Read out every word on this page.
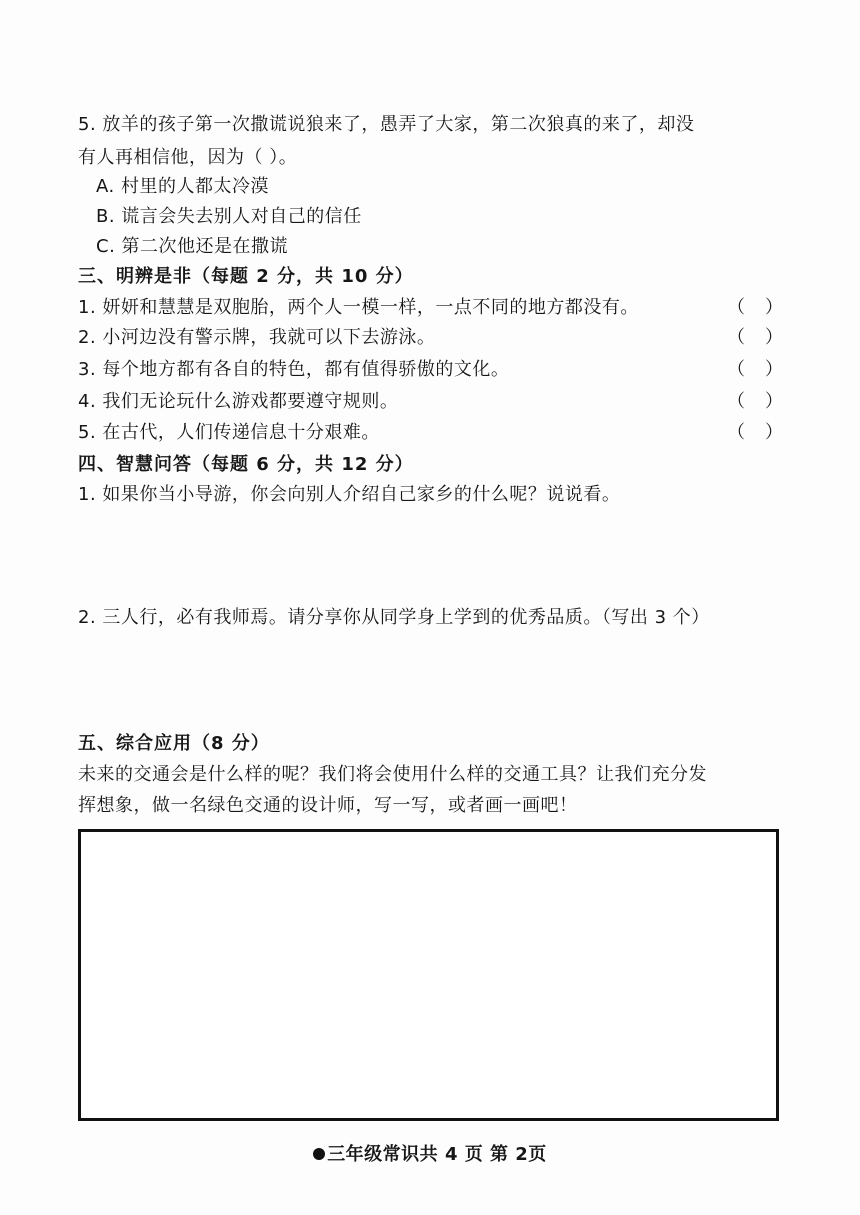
5. 放羊的孩子第一次撒谎说狼来了，愚弄了大家，第二次狼真的来了，却没
有人再相信他，因为（ ）。
A. 村里的人都太冷漠
B. 谎言会失去别人对自己的信任
C. 第二次他还是在撒谎
三、明辨是非（每题 2 分，共 10 分）
1. 妍妍和慧慧是双胞胎，两个人一模一样，一点不同的地方都没有。	（ ）
2. 小河边没有警示牌，我就可以下去游泳。	（ ）
3. 每个地方都有各自的特色，都有值得骄傲的文化。	（ ）
4. 我们无论玩什么游戏都要遵守规则。	（ ）
5. 在古代，人们传递信息十分艰难。	（ ）
四、智慧问答（每题 6 分，共 12 分）
1. 如果你当小导游，你会向别人介绍自己家乡的什么呢？说说看。
2. 三人行，必有我师焉。请分享你从同学身上学到的优秀品质。（写出 3 个）
五、综合应用（8 分）
未来的交通会是什么样的呢？我们将会使用什么样的交通工具？让我们充分发
挥想象，做一名绿色交通的设计师，写一写，或者画一画吧！
三年级常识共 4 页 第 2页
